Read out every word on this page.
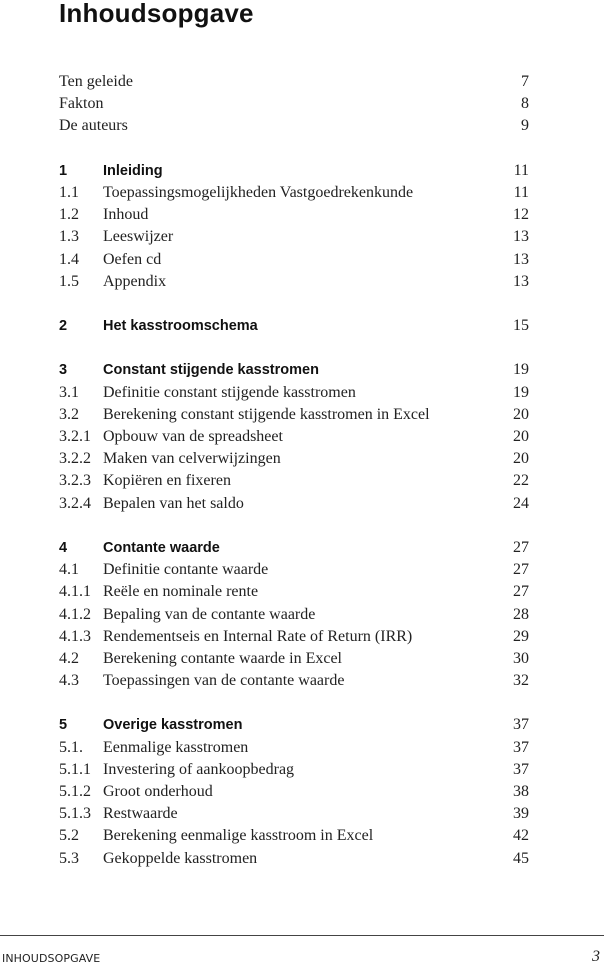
Inhoudsopgave
Ten geleide	7
Fakton	8
De auteurs	9
1 Inleiding	11
1.1 Toepassingsmogelijkheden Vastgoedrekenkunde	11
1.2 Inhoud	12
1.3 Leeswijzer	13
1.4 Oefen cd	13
1.5 Appendix	13
2 Het kasstroomschema	15
3 Constant stijgende kasstromen	19
3.1 Definitie constant stijgende kasstromen	19
3.2 Berekening constant stijgende kasstromen in Excel	20
3.2.1 Opbouw van de spreadsheet	20
3.2.2 Maken van celverwijzingen	20
3.2.3 Kopiëren en fixeren	22
3.2.4 Bepalen van het saldo	24
4 Contante waarde	27
4.1 Definitie contante waarde	27
4.1.1 Reële en nominale rente	27
4.1.2 Bepaling van de contante waarde	28
4.1.3 Rendementseis en Internal Rate of Return (IRR)	29
4.2 Berekening contante waarde in Excel	30
4.3 Toepassingen van de contante waarde	32
5 Overige kasstromen	37
5.1. Eenmalige kasstromen	37
5.1.1 Investering of aankoopbedrag	37
5.1.2 Groot onderhoud	38
5.1.3 Restwaarde	39
5.2 Berekening eenmalige kasstroom in Excel	42
5.3 Gekoppelde kasstromen	45
INHOUDSOPGAVE	3
